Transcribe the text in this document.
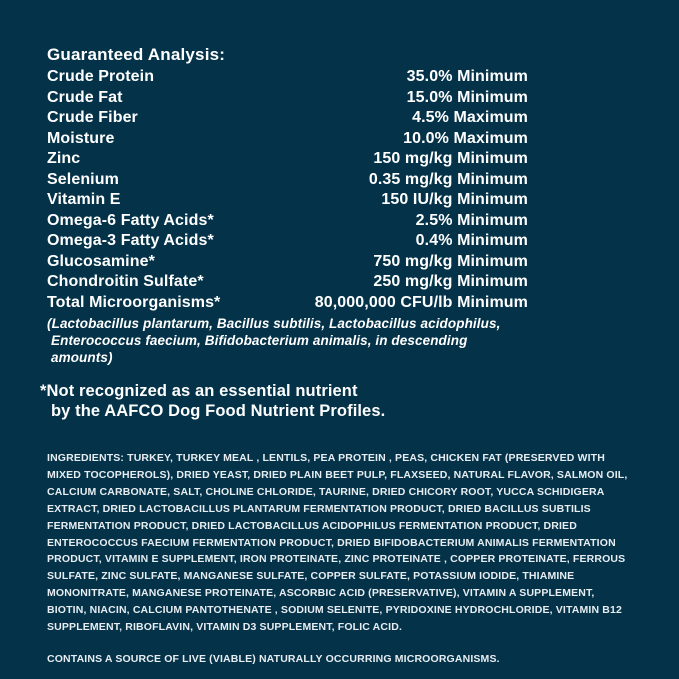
Guaranteed Analysis:
Crude Protein	35.0% Minimum
Crude Fat	15.0% Minimum
Crude Fiber	4.5% Maximum
Moisture	10.0% Maximum
Zinc	150 mg/kg Minimum
Selenium	0.35 mg/kg Minimum
Vitamin E	150 IU/kg Minimum
Omega-6 Fatty Acids*	2.5% Minimum
Omega-3 Fatty Acids*	0.4% Minimum
Glucosamine*	750 mg/kg Minimum
Chondroitin Sulfate*	250 mg/kg Minimum
Total Microorganisms*	80,000,000 CFU/lb Minimum
(Lactobacillus plantarum, Bacillus subtilis, Lactobacillus acidophilus,
Enterococcus faecium, Bifidobacterium animalis, in descending amounts)
*Not recognized as an essential nutrient
by the AAFCO Dog Food Nutrient Profiles.
INGREDIENTS: TURKEY, TURKEY MEAL , LENTILS, PEA PROTEIN , PEAS, CHICKEN FAT (PRESERVED WITH MIXED TOCOPHEROLS), DRIED YEAST, DRIED PLAIN BEET PULP, FLAXSEED, NATURAL FLAVOR, SALMON OIL, CALCIUM CARBONATE, SALT, CHOLINE CHLORIDE, TAURINE, DRIED CHICORY ROOT, YUCCA SCHIDIGERA EXTRACT, DRIED LACTOBACILLUS PLANTARUM FERMENTATION PRODUCT, DRIED BACILLUS SUBTILIS FERMENTATION PRODUCT, DRIED LACTOBACILLUS ACIDOPHILUS FERMENTATION PRODUCT, DRIED ENTEROCOCCUS FAECIUM FERMENTATION PRODUCT, DRIED BIFIDOBACTERIUM ANIMALIS FERMENTATION PRODUCT, VITAMIN E SUPPLEMENT, IRON PROTEINATE, ZINC PROTEINATE , COPPER PROTEINATE, FERROUS SULFATE, ZINC SULFATE, MANGANESE SULFATE, COPPER SULFATE, POTASSIUM IODIDE, THIAMINE MONONITRATE, MANGANESE PROTEINATE, ASCORBIC ACID (PRESERVATIVE), VITAMIN A SUPPLEMENT, BIOTIN, NIACIN, CALCIUM PANTOTHENATE , SODIUM SELENITE, PYRIDOXINE HYDROCHLORIDE, VITAMIN B12 SUPPLEMENT, RIBOFLAVIN, VITAMIN D3 SUPPLEMENT, FOLIC ACID.
CONTAINS A SOURCE OF LIVE (VIABLE) NATURALLY OCCURRING MICROORGANISMS.
